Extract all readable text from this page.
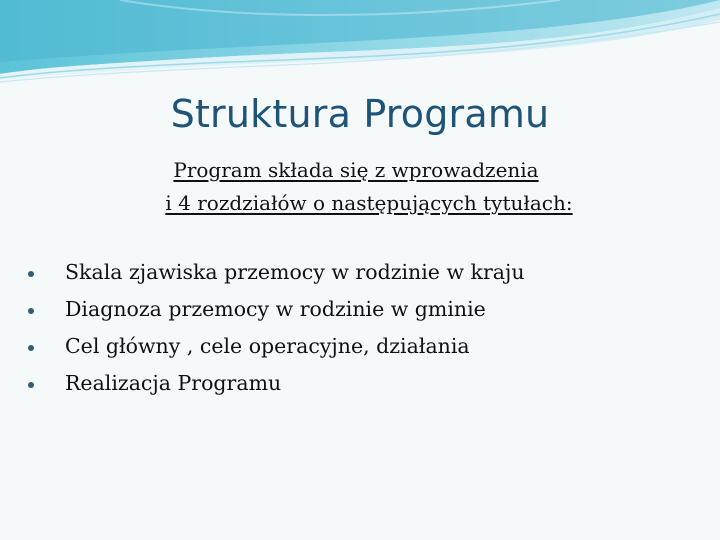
Struktura Programu
Program składa się z wprowadzenia
i 4 rozdziałów o następujących tytułach:
Skala zjawiska przemocy w rodzinie w kraju
Diagnoza przemocy w rodzinie w gminie
Cel główny , cele operacyjne, działania
Realizacja Programu
